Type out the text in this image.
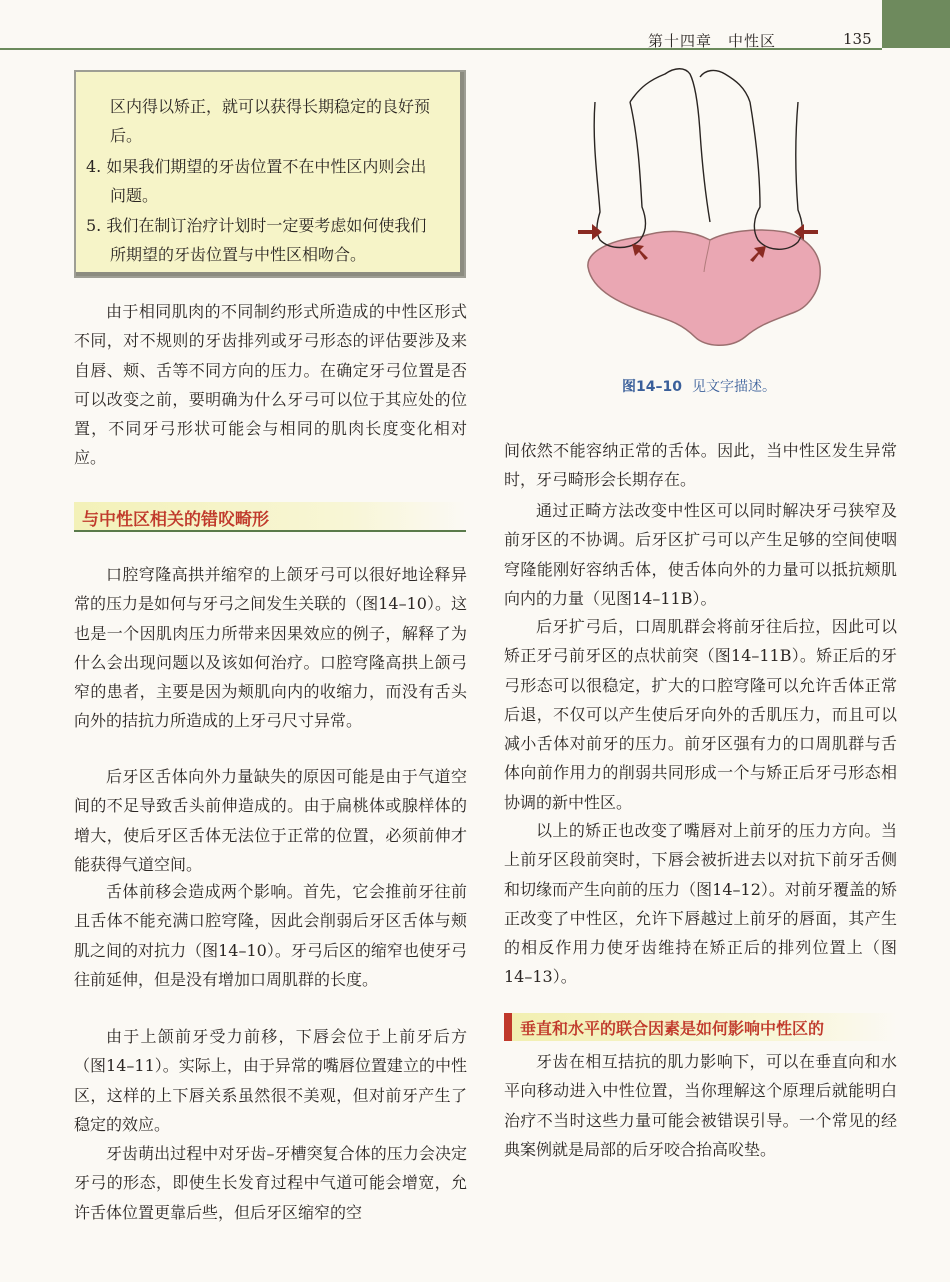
第十四章　中性区	135
区内得以矫正，就可以获得长期稳定的良好预
后。
4. 如果我们期望的牙齿位置不在中性区内则会出
问题。
5. 我们在制订治疗计划时一定要考虑如何使我们
所期望的牙齿位置与中性区相吻合。
由于相同肌肉的不同制约形式所造成的中性区形式不同，对不规则的牙齿排列或牙弓形态的评估要涉及来自唇、颊、舌等不同方向的压力。在确定牙弓位置是否可以改变之前，要明确为什么牙弓可以位于其应处的位置，不同牙弓形状可能会与相同的肌肉长度变化相对应。
与中性区相关的错㕮畸形
口腔穹隆高拱并缩窄的上颌牙弓可以很好地诠释异常的压力是如何与牙弓之间发生关联的（图14–10）。这也是一个因肌肉压力所带来因果效应的例子，解释了为什么会出现问题以及该如何治疗。口腔穹隆高拱上颌弓窄的患者，主要是因为颊肌向内的收缩力，而没有舌头向外的拮抗力所造成的上牙弓尺寸异常。
后牙区舌体向外力量缺失的原因可能是由于气道空间的不足导致舌头前伸造成的。由于扁桃体或腺样体的增大，使后牙区舌体无法位于正常的位置，必须前伸才能获得气道空间。
舌体前移会造成两个影响。首先，它会推前牙往前且舌体不能充满口腔穹隆，因此会削弱后牙区舌体与颊肌之间的对抗力（图14–10）。牙弓后区的缩窄也使牙弓往前延伸，但是没有增加口周肌群的长度。
由于上颌前牙受力前移，下唇会位于上前牙后方（图14–11）。实际上，由于异常的嘴唇位置建立的中性区，这样的上下唇关系虽然很不美观，但对前牙产生了稳定的效应。
牙齿萌出过程中对牙齿–牙槽突复合体的压力会决定牙弓的形态，即使生长发育过程中气道可能会增宽，允许舌体位置更靠后些，但后牙区缩窄的空
图14–10 见文字描述。
间依然不能容纳正常的舌体。因此，当中性区发生异常时，牙弓畸形会长期存在。
通过正畸方法改变中性区可以同时解决牙弓狭窄及前牙区的不协调。后牙区扩弓可以产生足够的空间使咽穹隆能刚好容纳舌体，使舌体向外的力量可以抵抗颊肌向内的力量（见图14–11B）。
后牙扩弓后，口周肌群会将前牙往后拉，因此可以矫正牙弓前牙区的点状前突（图14–11B）。矫正后的牙弓形态可以很稳定，扩大的口腔穹隆可以允许舌体正常后退，不仅可以产生使后牙向外的舌肌压力，而且可以减小舌体对前牙的压力。前牙区强有力的口周肌群与舌体向前作用力的削弱共同形成一个与矫正后牙弓形态相协调的新中性区。
以上的矫正也改变了嘴唇对上前牙的压力方向。当上前牙区段前突时，下唇会被折进去以对抗下前牙舌侧和切缘而产生向前的压力（图14–12）。对前牙覆盖的矫正改变了中性区，允许下唇越过上前牙的唇面，其产生的相反作用力使牙齿维持在矫正后的排列位置上（图14–13）。
垂直和水平的联合因素是如何影响中性区的
牙齿在相互拮抗的肌力影响下，可以在垂直向和水平向移动进入中性位置，当你理解这个原理后就能明白治疗不当时这些力量可能会被错误引导。一个常见的经典案例就是局部的后牙咬合抬高㕮垫。
